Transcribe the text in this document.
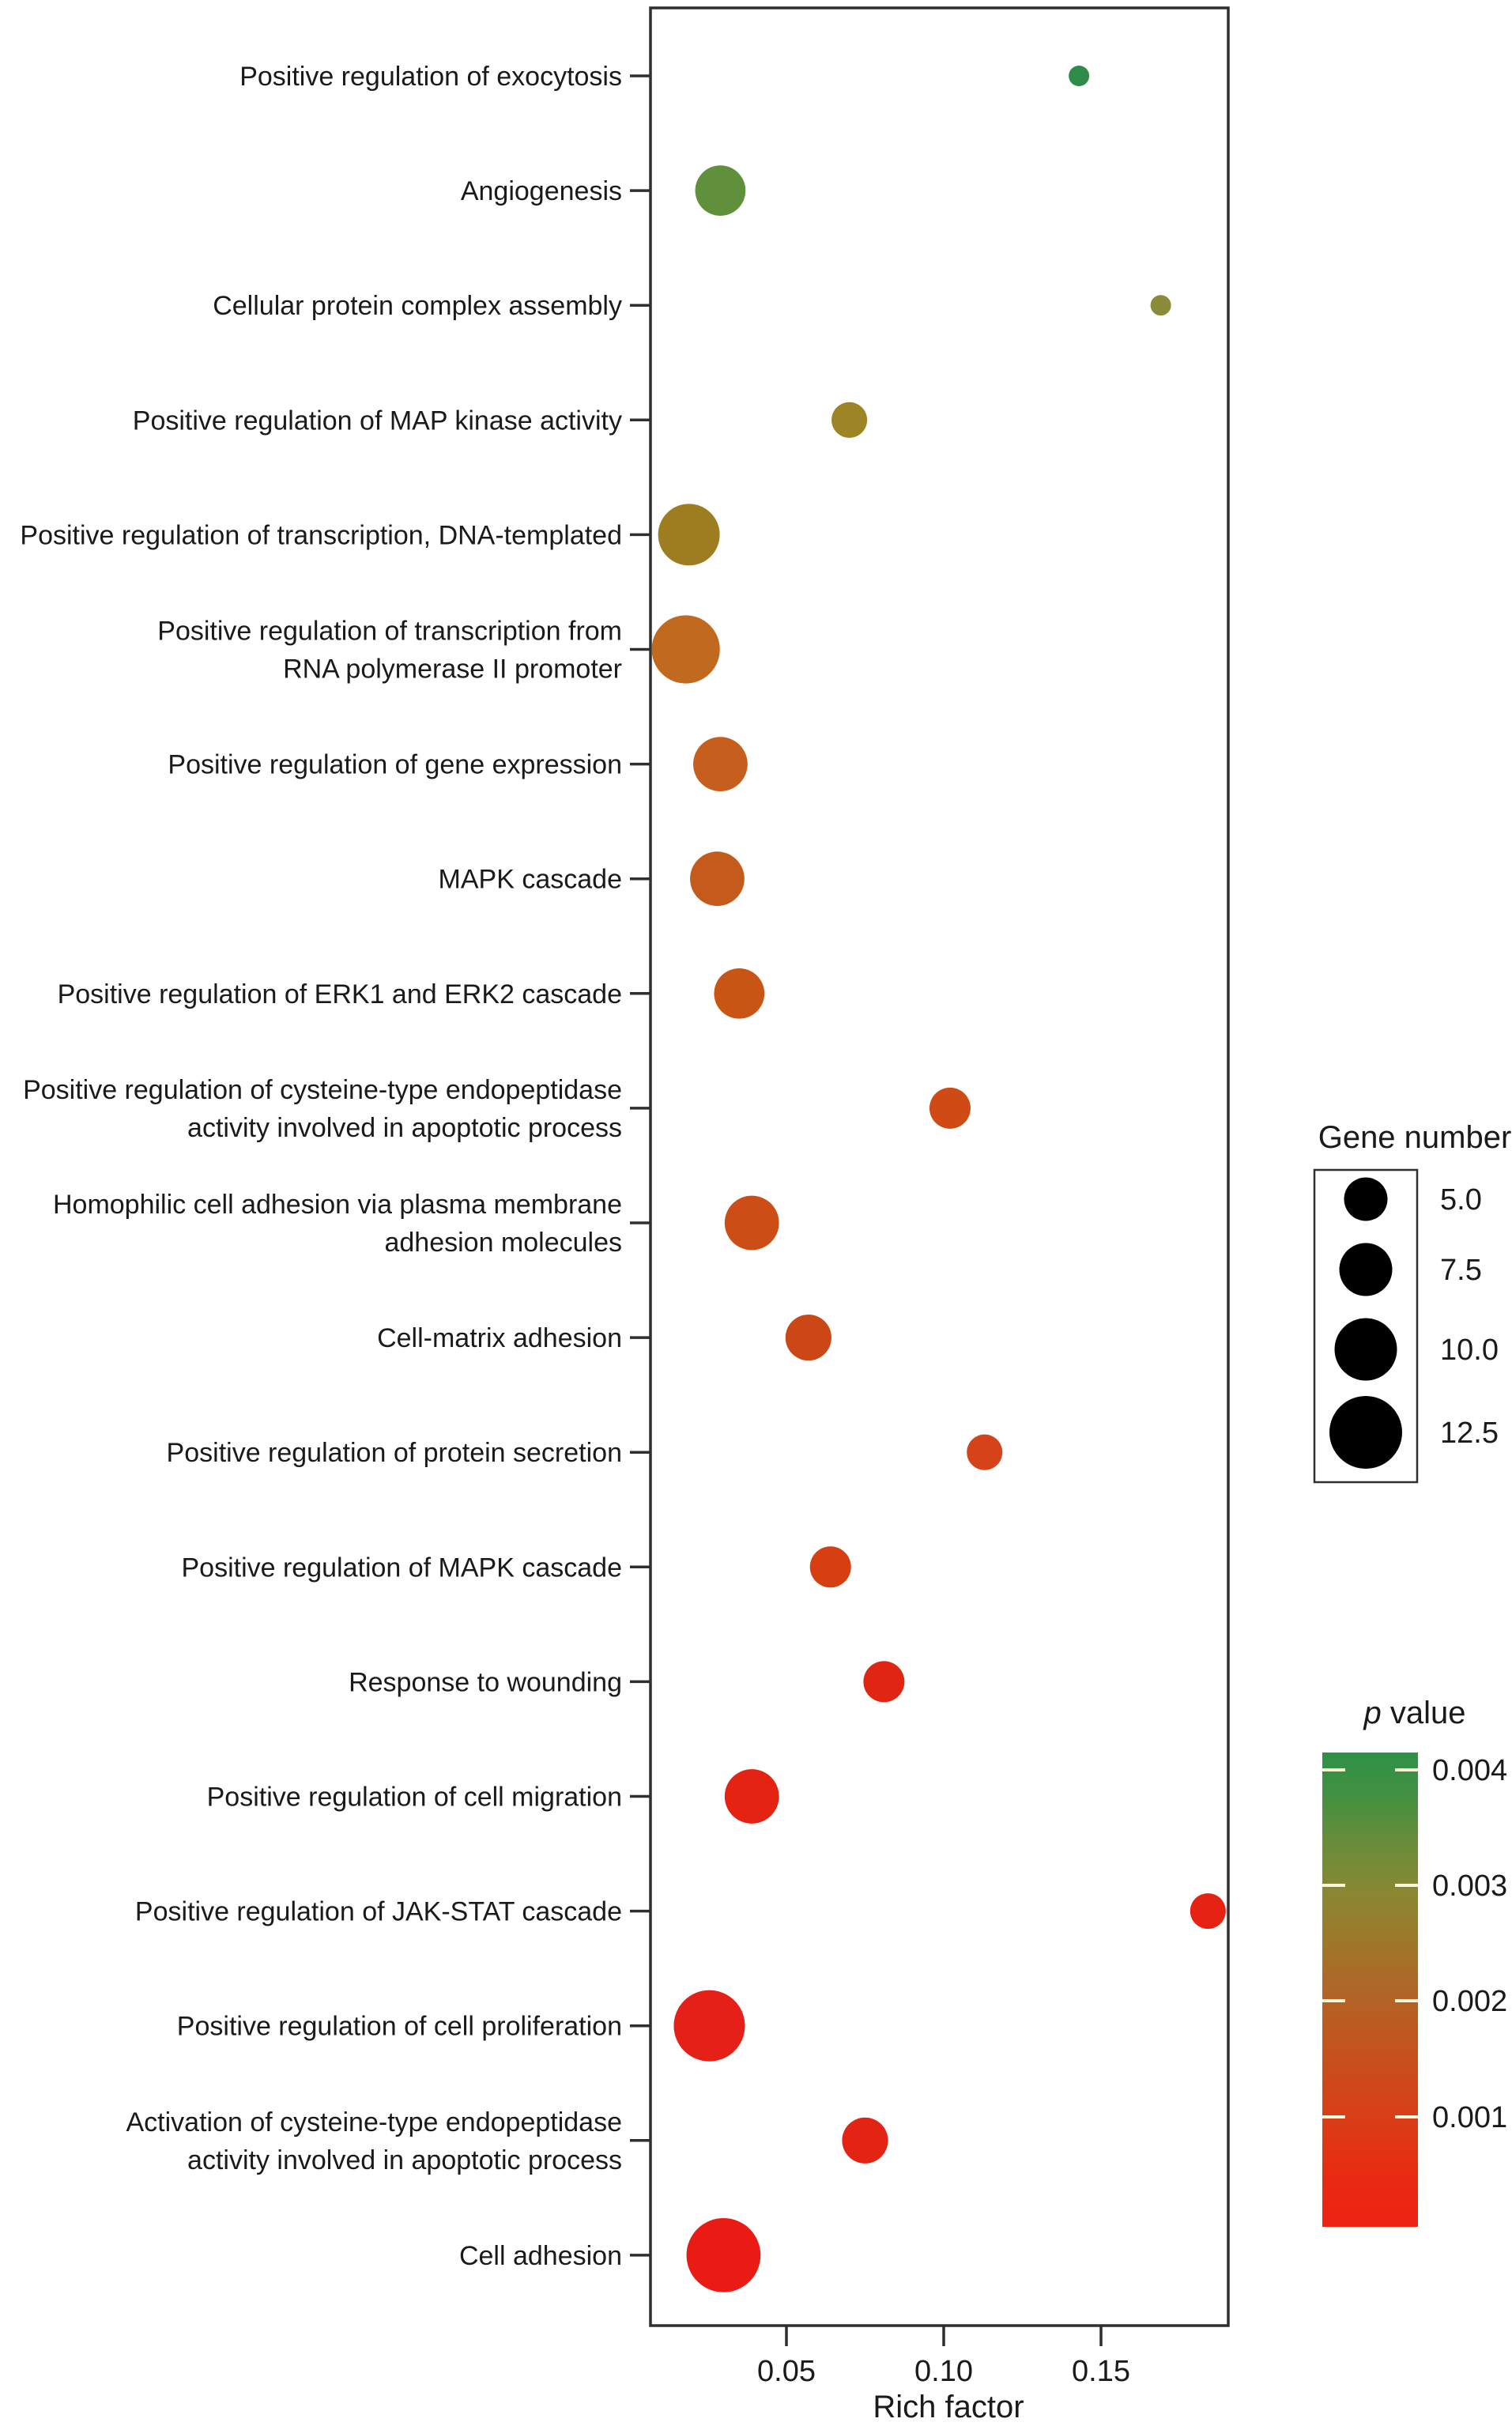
0.05	0.10	0.15
Rich factor
Positive regulation of exocytosis
Angiogenesis
Cellular protein complex assembly
Positive regulation of MAP kinase activity
Positive regulation of transcription, DNA-templated
Positive regulation of transcription from RNA polymerase II promoter
Positive regulation of gene expression
MAPK cascade
Positive regulation of ERK1 and ERK2 cascade
Positive regulation of cysteine-type endopeptidase activity involved in apoptotic process
Homophilic cell adhesion via plasma membrane adhesion molecules
Cell-matrix adhesion
Positive regulation of protein secretion
Positive regulation of MAPK cascade
Response to wounding
Positive regulation of cell migration
Positive regulation of JAK-STAT cascade
Positive regulation of cell proliferation
Activation of cysteine-type endopeptidase activity involved in apoptotic process
Cell adhesion
Gene number
5.0
7.5
10.0
12.5
p value
0.004
0.003
0.002
0.001
